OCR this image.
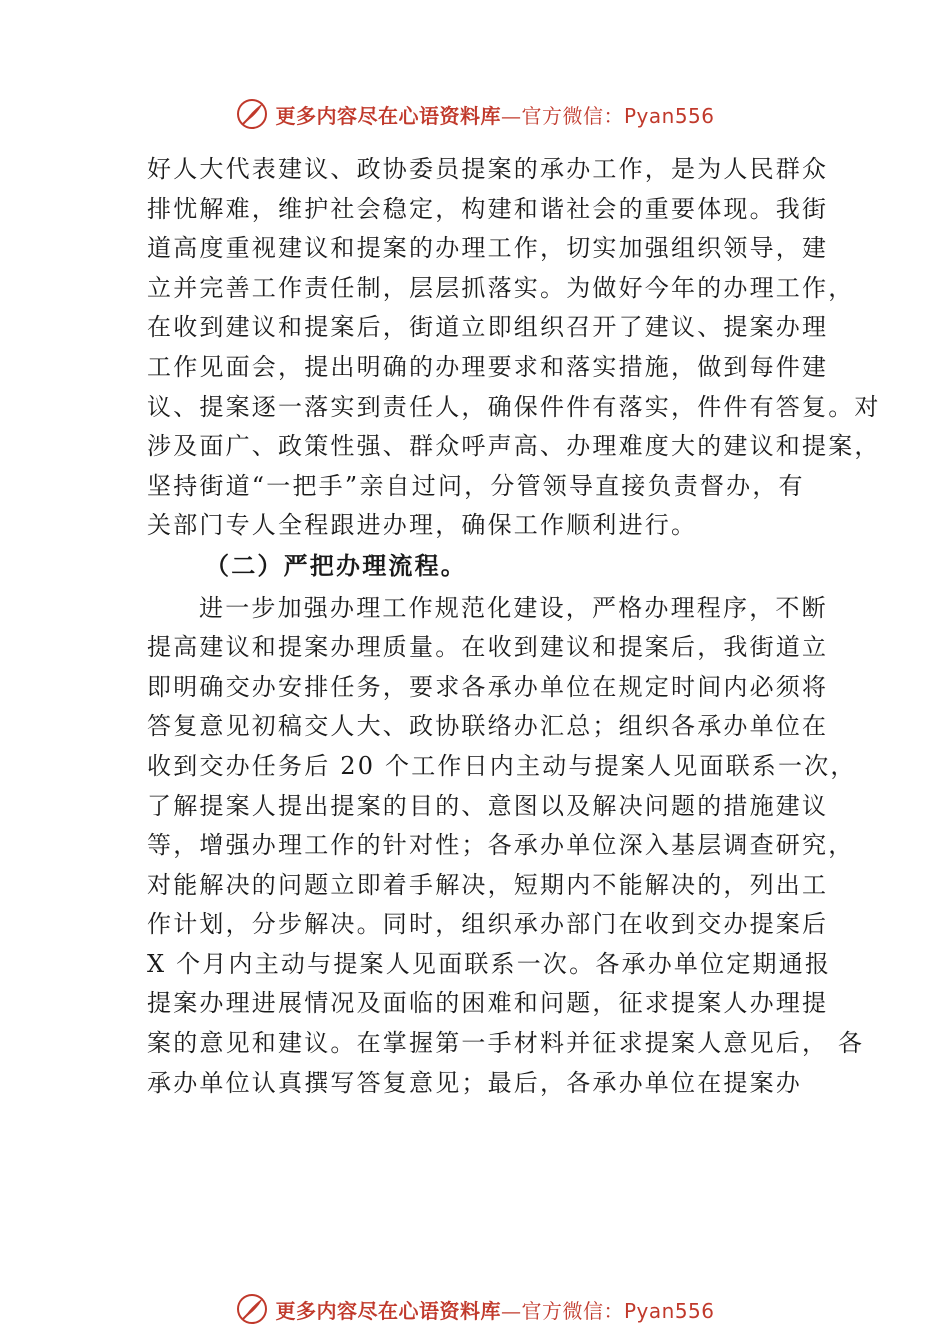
更多内容尽在心语资料库—官方微信：Pyan556
好人大代表建议、政协委员提案的承办工作，是为人民群众
排忧解难，维护社会稳定，构建和谐社会的重要体现。我街
道高度重视建议和提案的办理工作，切实加强组织领导，建
立并完善工作责任制，层层抓落实。为做好今年的办理工作，
在收到建议和提案后，街道立即组织召开了建议、提案办理
工作见面会，提出明确的办理要求和落实措施，做到每件建
议、提案逐一落实到责任人，确保件件有落实，件件有答复。对
涉及面广、政策性强、群众呼声高、办理难度大的建议和提案，
坚持街道“一把手”亲自过问，分管领导直接负责督办，有
关部门专人全程跟进办理，确保工作顺利进行。
（二）严把办理流程。
进一步加强办理工作规范化建设，严格办理程序，不断
提高建议和提案办理质量。在收到建议和提案后，我街道立
即明确交办安排任务，要求各承办单位在规定时间内必须将
答复意见初稿交人大、政协联络办汇总；组织各承办单位在
收到交办任务后 20 个工作日内主动与提案人见面联系一次，
了解提案人提出提案的目的、意图以及解决问题的措施建议
等，增强办理工作的针对性；各承办单位深入基层调查研究，
对能解决的问题立即着手解决，短期内不能解决的，列出工
作计划，分步解决。同时，组织承办部门在收到交办提案后
X 个月内主动与提案人见面联系一次。各承办单位定期通报
提案办理进展情况及面临的困难和问题，征求提案人办理提
案的意见和建议。在掌握第一手材料并征求提案人意见后， 各
承办单位认真撰写答复意见；最后，各承办单位在提案办
更多内容尽在心语资料库—官方微信：Pyan556
